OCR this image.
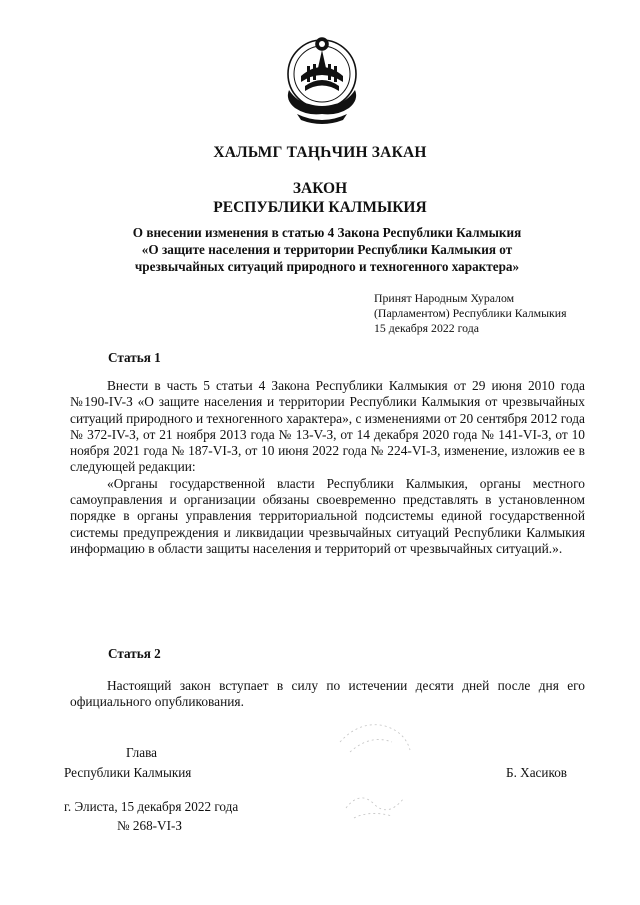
ХАЛЬМГ ТАҢҺЧИН ЗАКАН
ЗАКОН
РЕСПУБЛИКИ КАЛМЫКИЯ
О внесении изменения в статью 4 Закона Республики Калмыкия
«О защите населения и территории Республики Калмыкия от
чрезвычайных ситуаций природного и техногенного характера»
Принят Народным Хуралом
(Парламентом) Республики Калмыкия
15 декабря 2022 года
Статья 1

Внести в часть 5 статьи 4 Закона Республики Калмыкия от 29 июня 2010 года №190-IV-З «О защите населения и территории Республики Калмыкия от чрезвычайных ситуаций природного и техногенного характера», с изменениями от 20 сентября 2012 года № 372-IV-З, от 21 ноября 2013 года № 13-V-З, от 14 декабря 2020 года № 141-VI-З, от 10 ноября 2021 года № 187-VI-З, от 10 июня 2022 года № 224-VI-З, изменение, изложив ее в следующей редакции:

«Органы государственной власти Республики Калмыкия, органы местного самоуправления и организации обязаны своевременно представлять в установленном порядке в органы управления территориальной подсистемы единой государственной системы предупреждения и ликвидации чрезвычайных ситуаций Республики Калмыкия информацию в области защиты населения и территорий от чрезвычайных ситуаций.».

Статья 2

Настоящий закон вступает в силу по истечении десяти дней после дня его официального опубликования.

Глава
Республики Калмыкия	Б. Хасиков
г. Элиста, 15 декабря 2022 года
№ 268-VI-З
